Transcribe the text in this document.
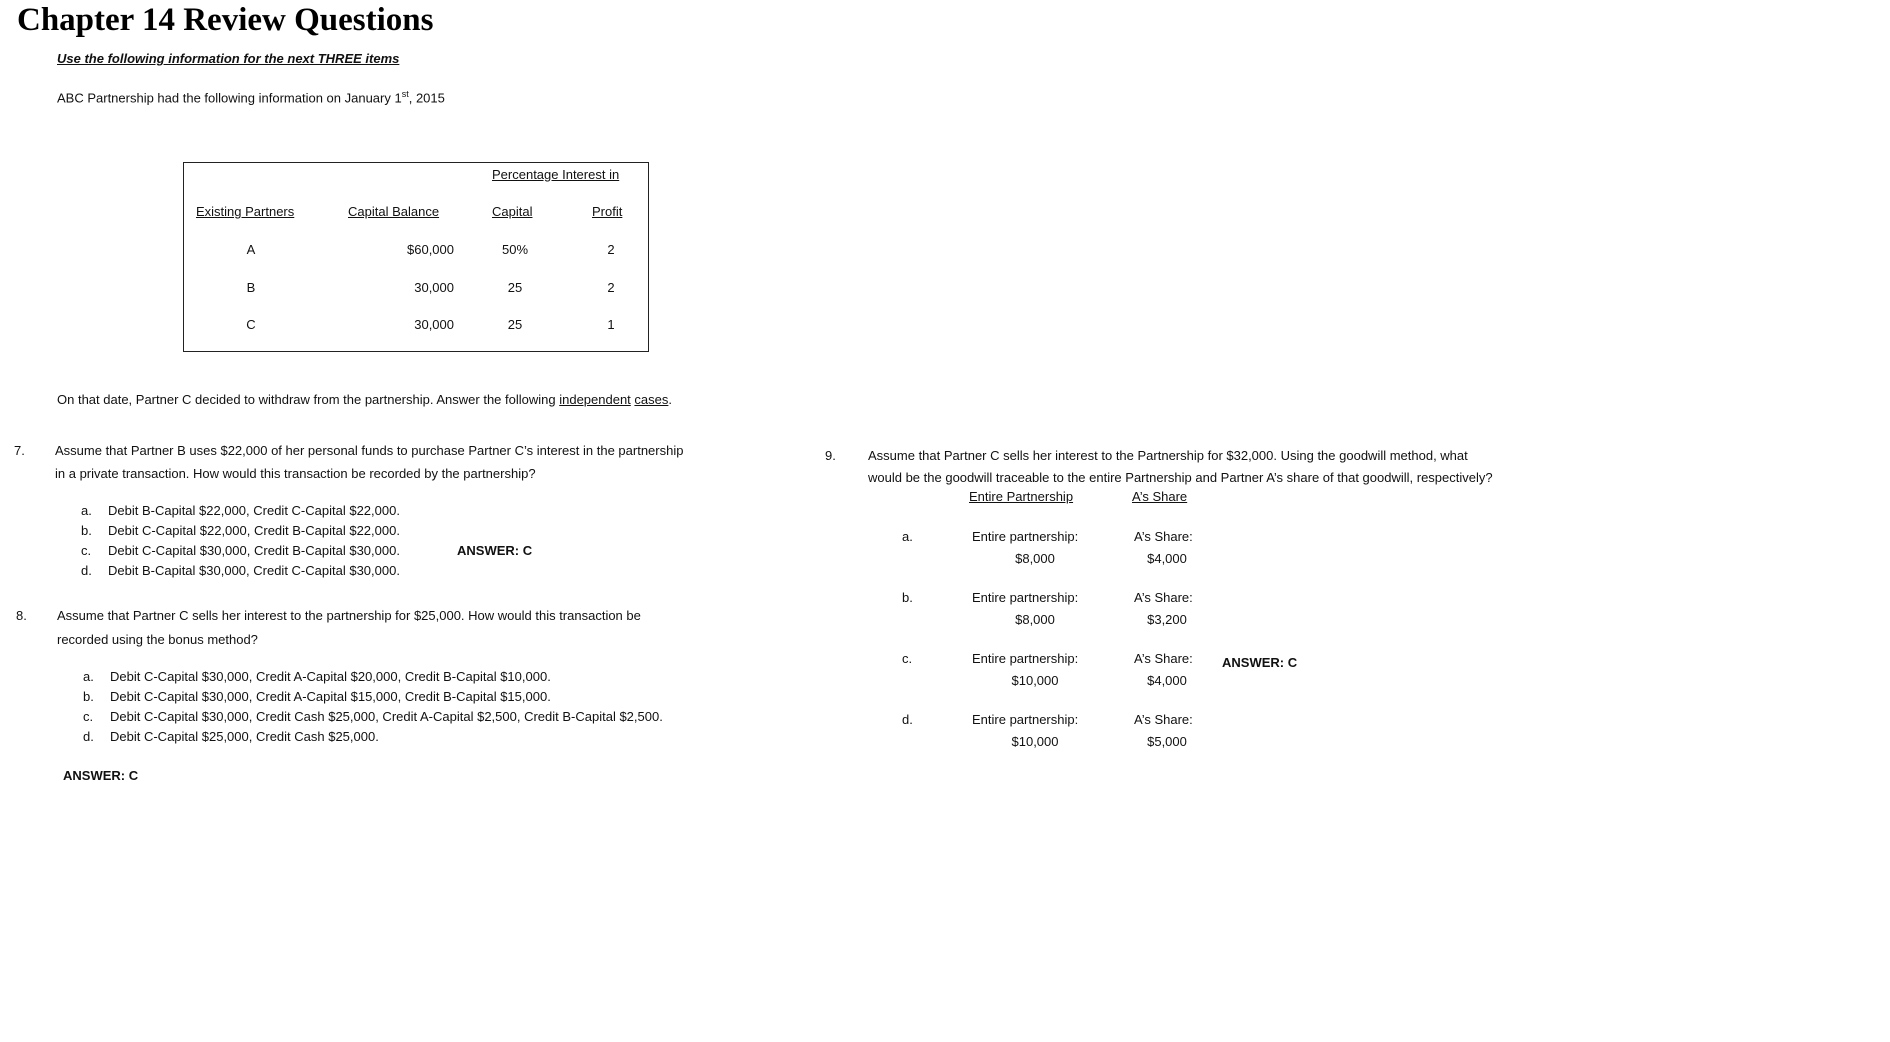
Chapter 14 Review Questions
Use the following information for the next THREE items
ABC Partnership had the following information on January 1st, 2015
Percentage Interest in
Existing Partners	Capital Balance	Capital	Profit
A	$60,000	50%	2
B	30,000	25	2
C	30,000	25	1
On that date, Partner C decided to withdraw from the partnership. Answer the following independent cases.
7. Assume that Partner B uses $22,000 of her personal funds to purchase Partner C’s interest in the partnership
in a private transaction. How would this transaction be recorded by the partnership?
a. Debit B-Capital $22,000, Credit C-Capital $22,000.
b. Debit C-Capital $22,000, Credit B-Capital $22,000.
c. Debit C-Capital $30,000, Credit B-Capital $30,000.
d. Debit B-Capital $30,000, Credit C-Capital $30,000.
ANSWER: C
8. Assume that Partner C sells her interest to the partnership for $25,000. How would this transaction be
recorded using the bonus method?
a. Debit C-Capital $30,000, Credit A-Capital $20,000, Credit B-Capital $10,000.
b. Debit C-Capital $30,000, Credit A-Capital $15,000, Credit B-Capital $15,000.
c. Debit C-Capital $30,000, Credit Cash $25,000, Credit A-Capital $2,500, Credit B-Capital $2,500.
d. Debit C-Capital $25,000, Credit Cash $25,000.
ANSWER: C
9. Assume that Partner C sells her interest to the Partnership for $32,000. Using the goodwill method, what
would be the goodwill traceable to the entire Partnership and Partner A’s share of that goodwill, respectively?
Entire Partnership	A’s Share
a.	Entire partnership:
$8,000
A’s Share:
$4,000
b.	Entire partnership:
$8,000
A’s Share:
$3,200
c.	Entire partnership:
$10,000
A’s Share:
$4,000
ANSWER: C
d.	Entire partnership:
$10,000
A’s Share:
$5,000
